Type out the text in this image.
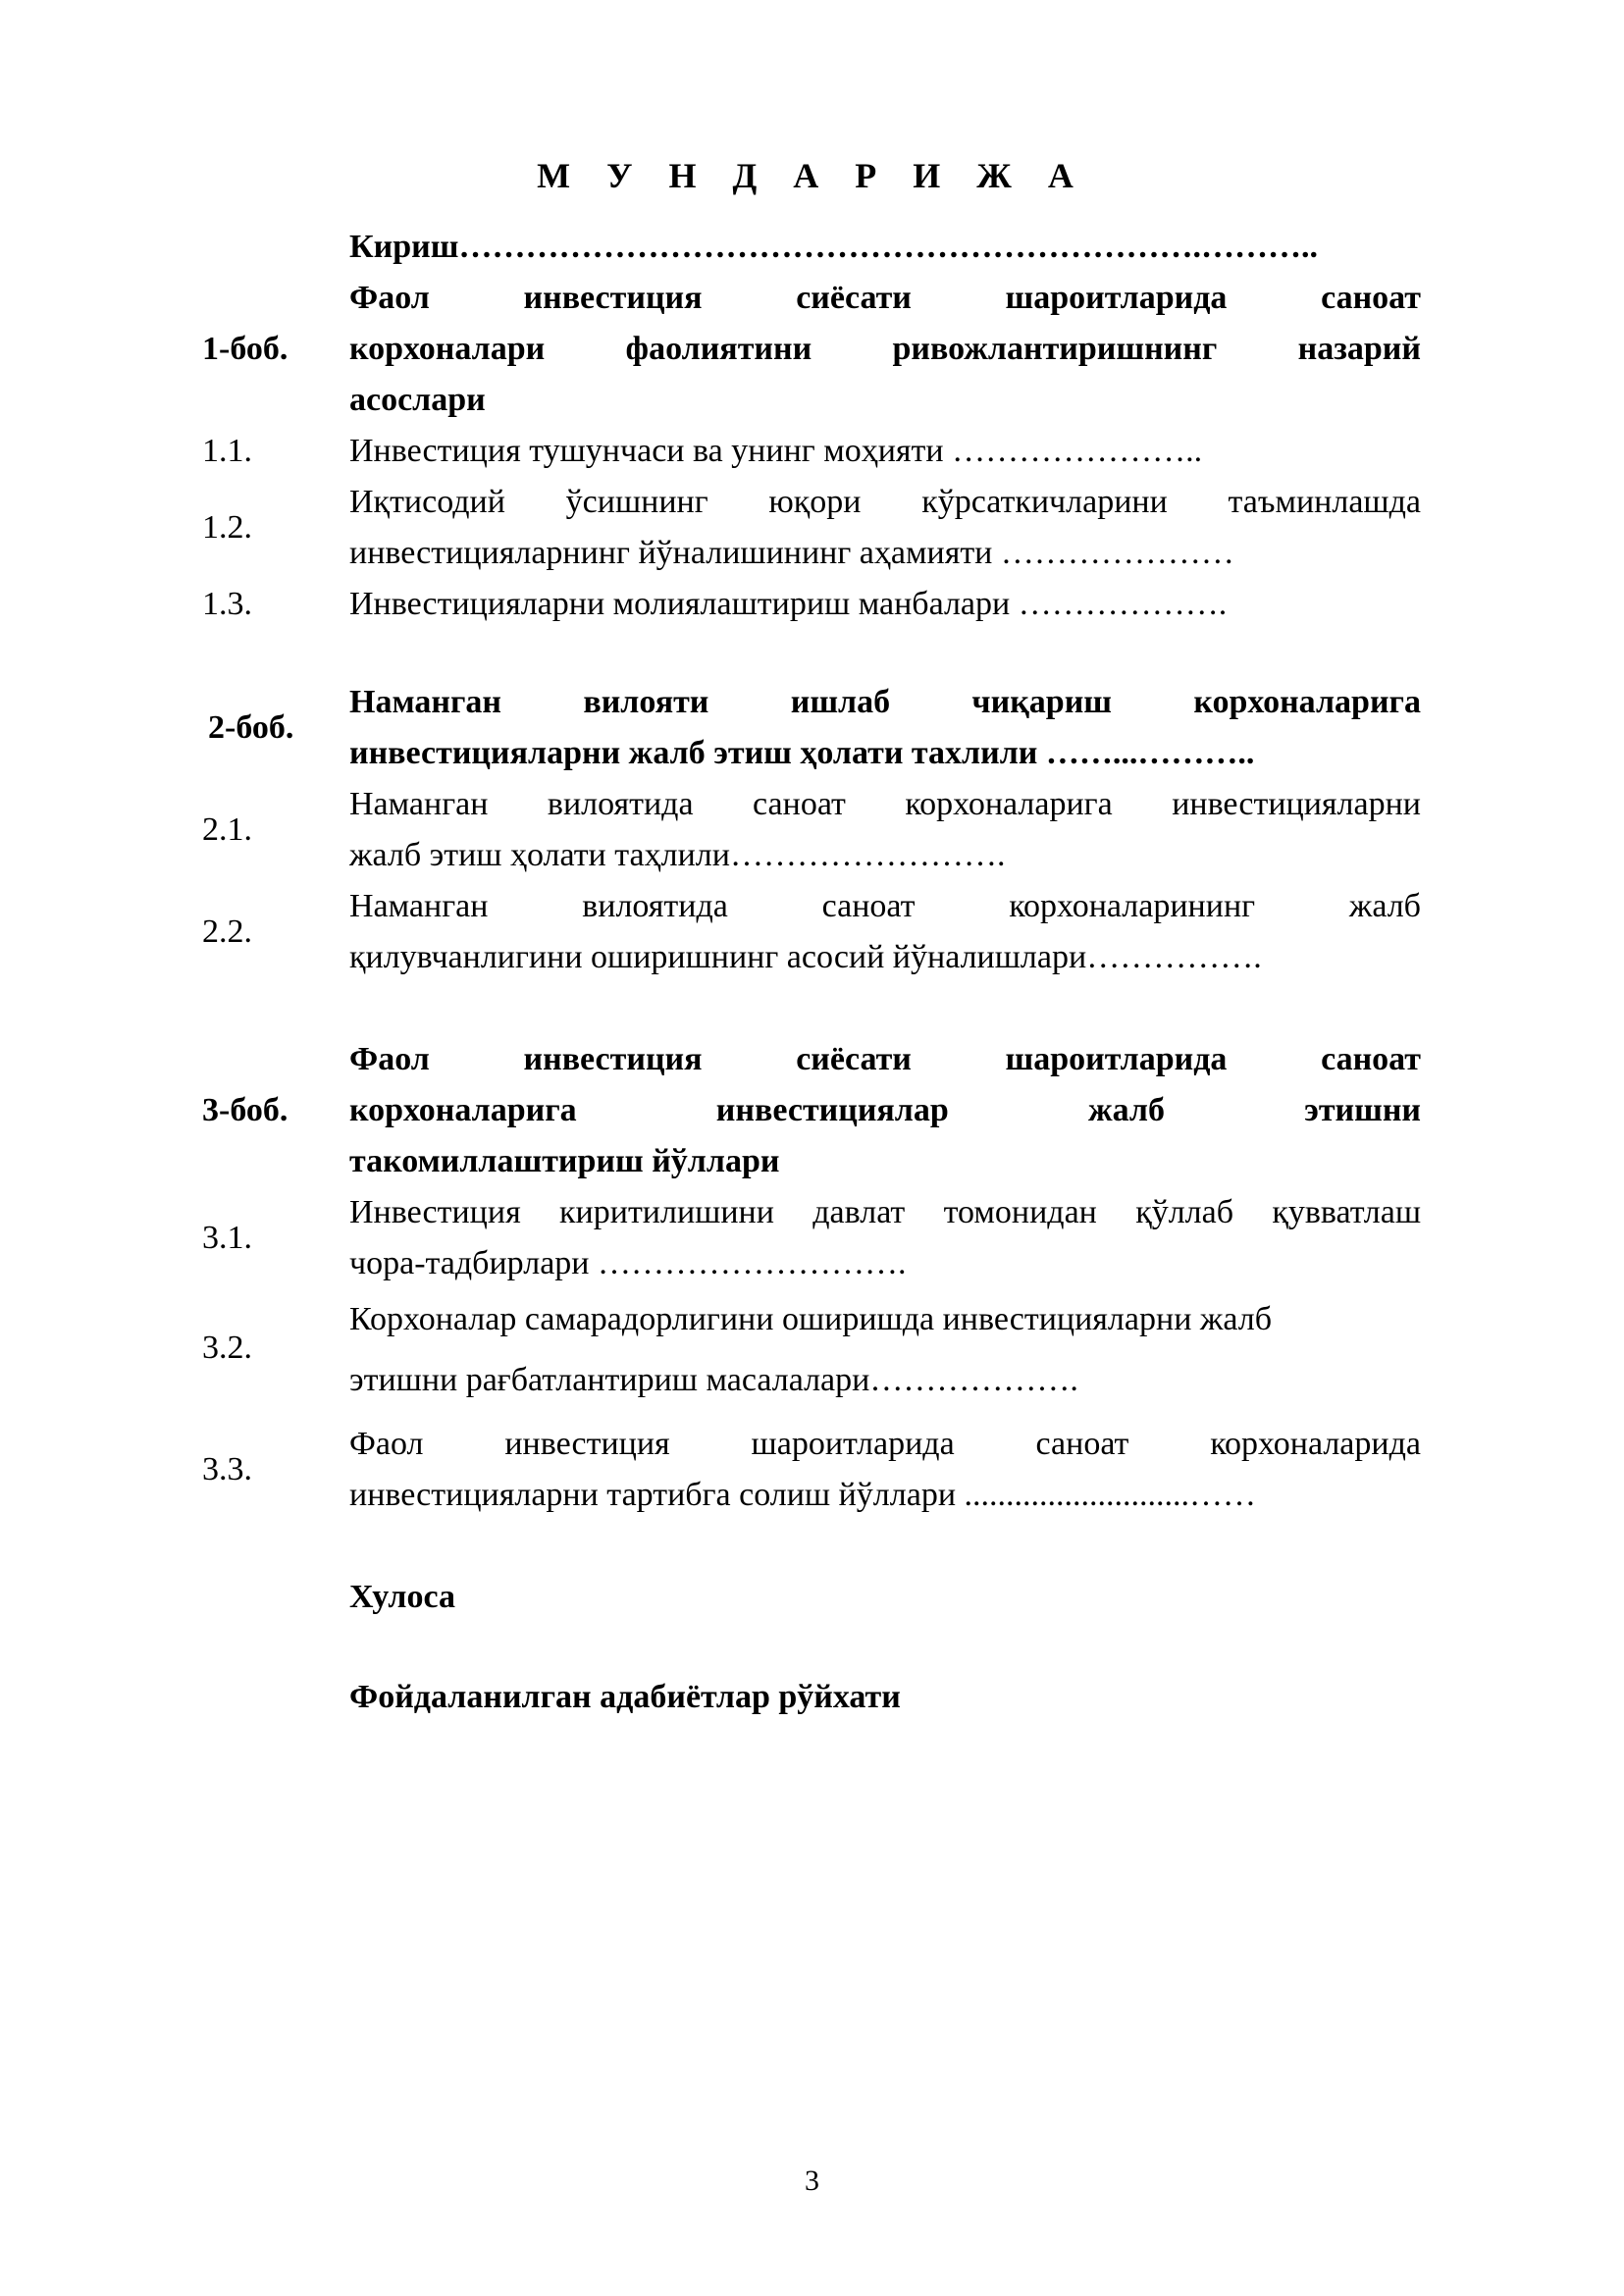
М У Н Д А Р И Ж А
Кириш………………………………………………………….………..
1-боб.
Фаол инвестиция сиёсати шароитларида саноат
корхоналари фаолиятини ривожлантиришнинг назарий
асослари
1.1.	Инвестиция тушунчаси ва унинг моҳияти …………………..
1.2.
Иқтисодий ўсишнинг юқори кўрсаткичларини таъминлашда
инвестицияларнинг йўналишининг аҳамияти …………………
1.3.	Инвестицияларни молиялаштириш манбалари ……………….
2-боб.
Наманган вилояти ишлаб чиқариш корхоналарига
инвестицияларни жалб этиш ҳолати тахлили ……...………..
2.1.
Наманган вилоятида саноат корхоналарига инвестицияларни
жалб этиш ҳолати таҳлили…………………….
2.2.
Наманган вилоятида саноат корхоналарининг жалб
қилувчанлигини оширишнинг асосий йўналишлари…………….
3-боб.
Фаол инвестиция сиёсати шароитларида саноат
корхоналарига инвестициялар жалб этишни
такомиллаштириш йўллари
3.1.
Инвестиция киритилишини давлат томонидан қўллаб қувватлаш
чора-тадбирлари ……………………….
3.2.
Корхоналар самарадорлигини оширишда инвестицияларни жалб
этишни рағбатлантириш масалалари……………….
3.3.
Фаол инвестиция шароитларида саноат корхоналарида
инвестицияларни тартибга солиш йўллари ...........................……
Хулоса
Фойдаланилган адабиётлар рўйхати
3
